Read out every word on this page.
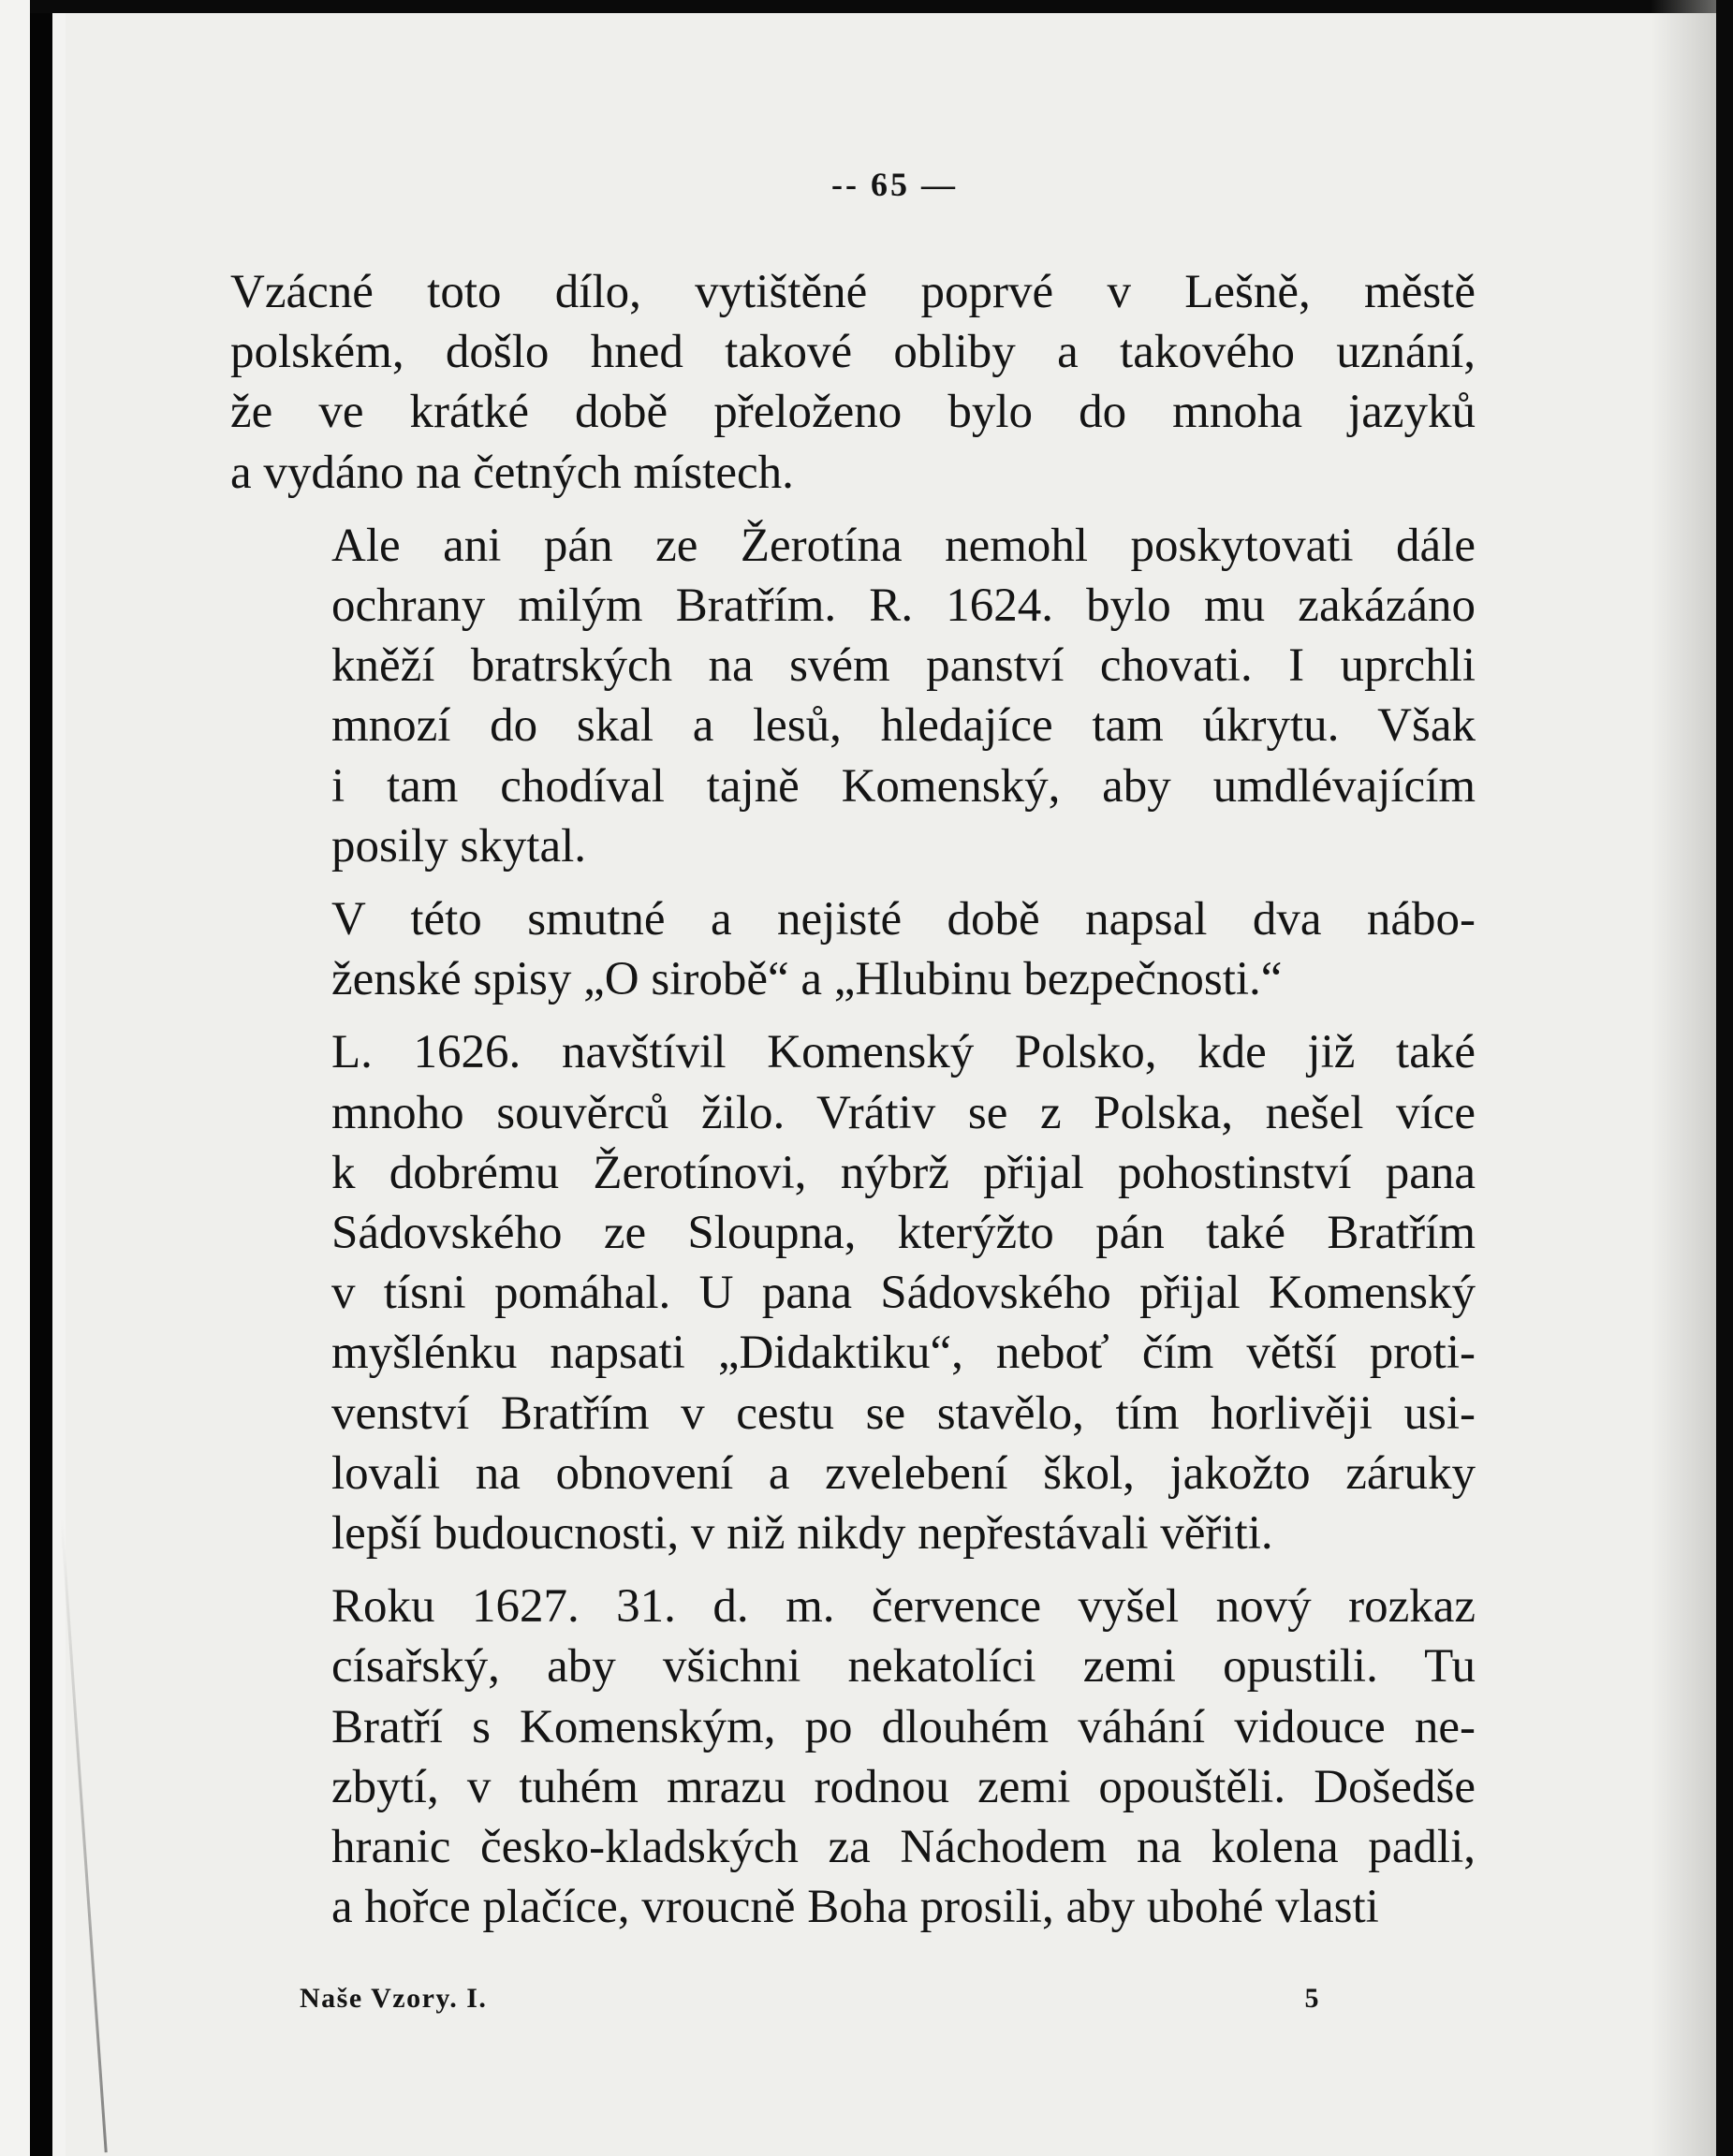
-- 65 —
Vzácné toto dílo, vytištěné poprvé v Lešně, městě
polském, došlo hned takové obliby a takového uznání,
že ve krátké době přeloženo bylo do mnoha jazyků
a vydáno na četných místech.
Ale ani pán ze Žerotína nemohl poskytovati dále
ochrany milým Bratřím. R. 1624. bylo mu zakázáno
kněží bratrských na svém panství chovati. I uprchli
mnozí do skal a lesů, hledajíce tam úkrytu. Však
i tam chodíval tajně Komenský, aby umdlévajícím
posily skytal.
V této smutné a nejisté době napsal dva nábo-
ženské spisy „O sirobě“ a „Hlubinu bezpečnosti.“
L. 1626. navštívil Komenský Polsko, kde již také
mnoho souvěrců žilo. Vrátiv se z Polska, nešel více
k dobrému Žerotínovi, nýbrž přijal pohostinství pana
Sádovského ze Sloupna, kterýžto pán také Bratřím
v tísni pomáhal. U pana Sádovského přijal Komenský
myšlénku napsati „Didaktiku“, neboť čím větší proti-
venství Bratřím v cestu se stavělo, tím horlivěji usi-
lovali na obnovení a zvelebení škol, jakožto záruky
lepší budoucnosti, v niž nikdy nepřestávali věřiti.
Roku 1627. 31. d. m. července vyšel nový rozkaz
císařský, aby všichni nekatolíci zemi opustili. Tu
Bratří s Komenským, po dlouhém váhání vidouce ne-
zbytí, v tuhém mrazu rodnou zemi opouštěli. Došedše
hranic česko-kladských za Náchodem na kolena padli,
a hořce plačíce, vroucně Boha prosili, aby ubohé vlasti
Naše Vzory. I.	5
